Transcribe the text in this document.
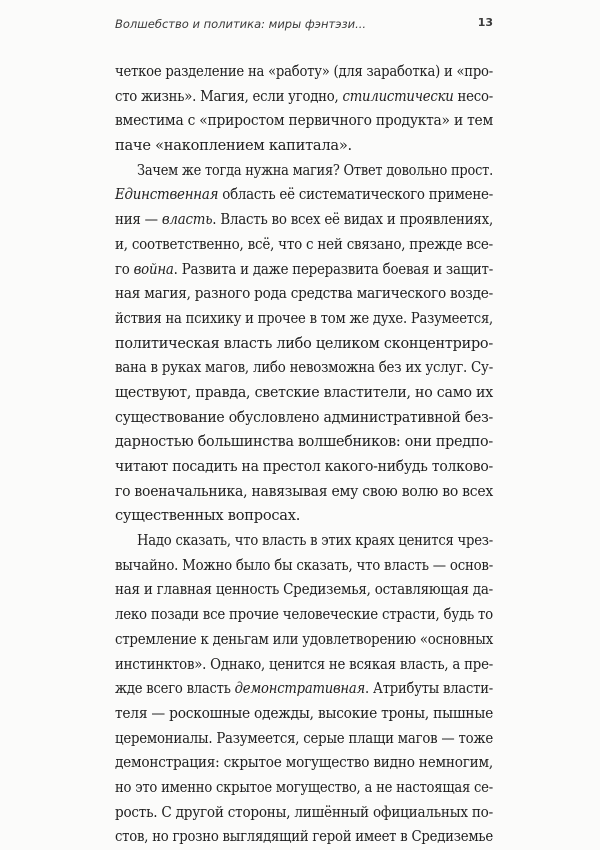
Волшебство и политика: миры фэнтэзи...	13
четкое разделение на «работу» (для заработка) и «про-
сто жизнь». Магия, если угодно, стилистически несо-
вместима с «приростом первичного продукта» и тем
паче «накоплением капитала».
Зачем же тогда нужна магия? Ответ довольно прост.
Единственная область её систематического примене-
ния — власть. Власть во всех её видах и проявлениях,
и, соответственно, всё, что с ней связано, прежде все-
го война. Развита и даже переразвита боевая и защит-
ная магия, разного рода средства магического возде-
йствия на психику и прочее в том же духе. Разумеется,
политическая власть либо целиком сконцентриро-
вана в руках магов, либо невозможна без их услуг. Су-
ществуют, правда, светские властители, но само их
существование обусловлено административной без-
дарностью большинства волшебников: они предпо-
читают посадить на престол какого-нибудь толково-
го военачальника, навязывая ему свою волю во всех
существенных вопросах.
Надо сказать, что власть в этих краях ценится чрез-
вычайно. Можно было бы сказать, что власть — основ-
ная и главная ценность Средиземья, оставляющая да-
леко позади все прочие человеческие страсти, будь то
стремление к деньгам или удовлетворению «основных
инстинктов». Однако, ценится не всякая власть, а пре-
жде всего власть демонстративная. Атрибуты власти-
теля — роскошные одежды, высокие троны, пышные
церемониалы. Разумеется, серые плащи магов — тоже
демонстрация: скрытое могущество видно немногим,
но это именно скрытое могущество, а не настоящая се-
рость. С другой стороны, лишённый официальных по-
стов, но грозно выглядящий герой имеет в Средиземье
